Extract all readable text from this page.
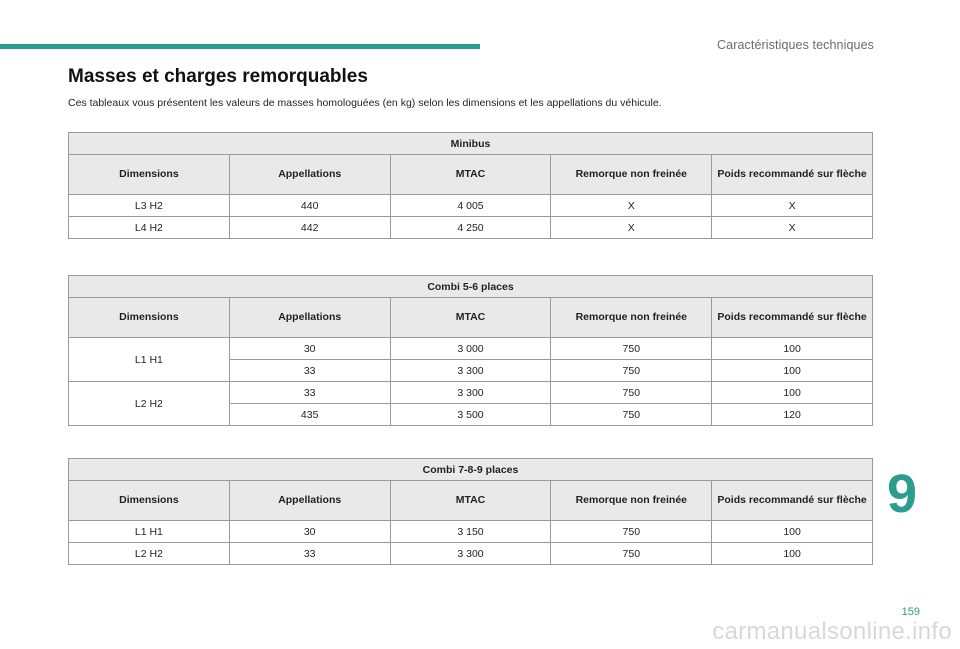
Caractéristiques techniques
Masses et charges remorquables
Ces tableaux vous présentent les valeurs de masses homologuées (en kg) selon les dimensions et les appellations du véhicule.
Minibus				
Dimensions	Appellations	MTAC	Remorque non freinée	Poids recommandé sur flèche
L3 H2	440	4 005	X	X
L4 H2	442	4 250	X	X
Combi 5-6 places				
Dimensions	Appellations	MTAC	Remorque non freinée	Poids recommandé sur flèche
L1 H1	30	3 000	750	100
	33	3 300	750	100
L2 H2	33	3 300	750	100
	435	3 500	750	120
Combi 7-8-9 places				
Dimensions	Appellations	MTAC	Remorque non freinée	Poids recommandé sur flèche
L1 H1	30	3 150	750	100
L2 H2	33	3 300	750	100
9
159
carmanualsonline.info
